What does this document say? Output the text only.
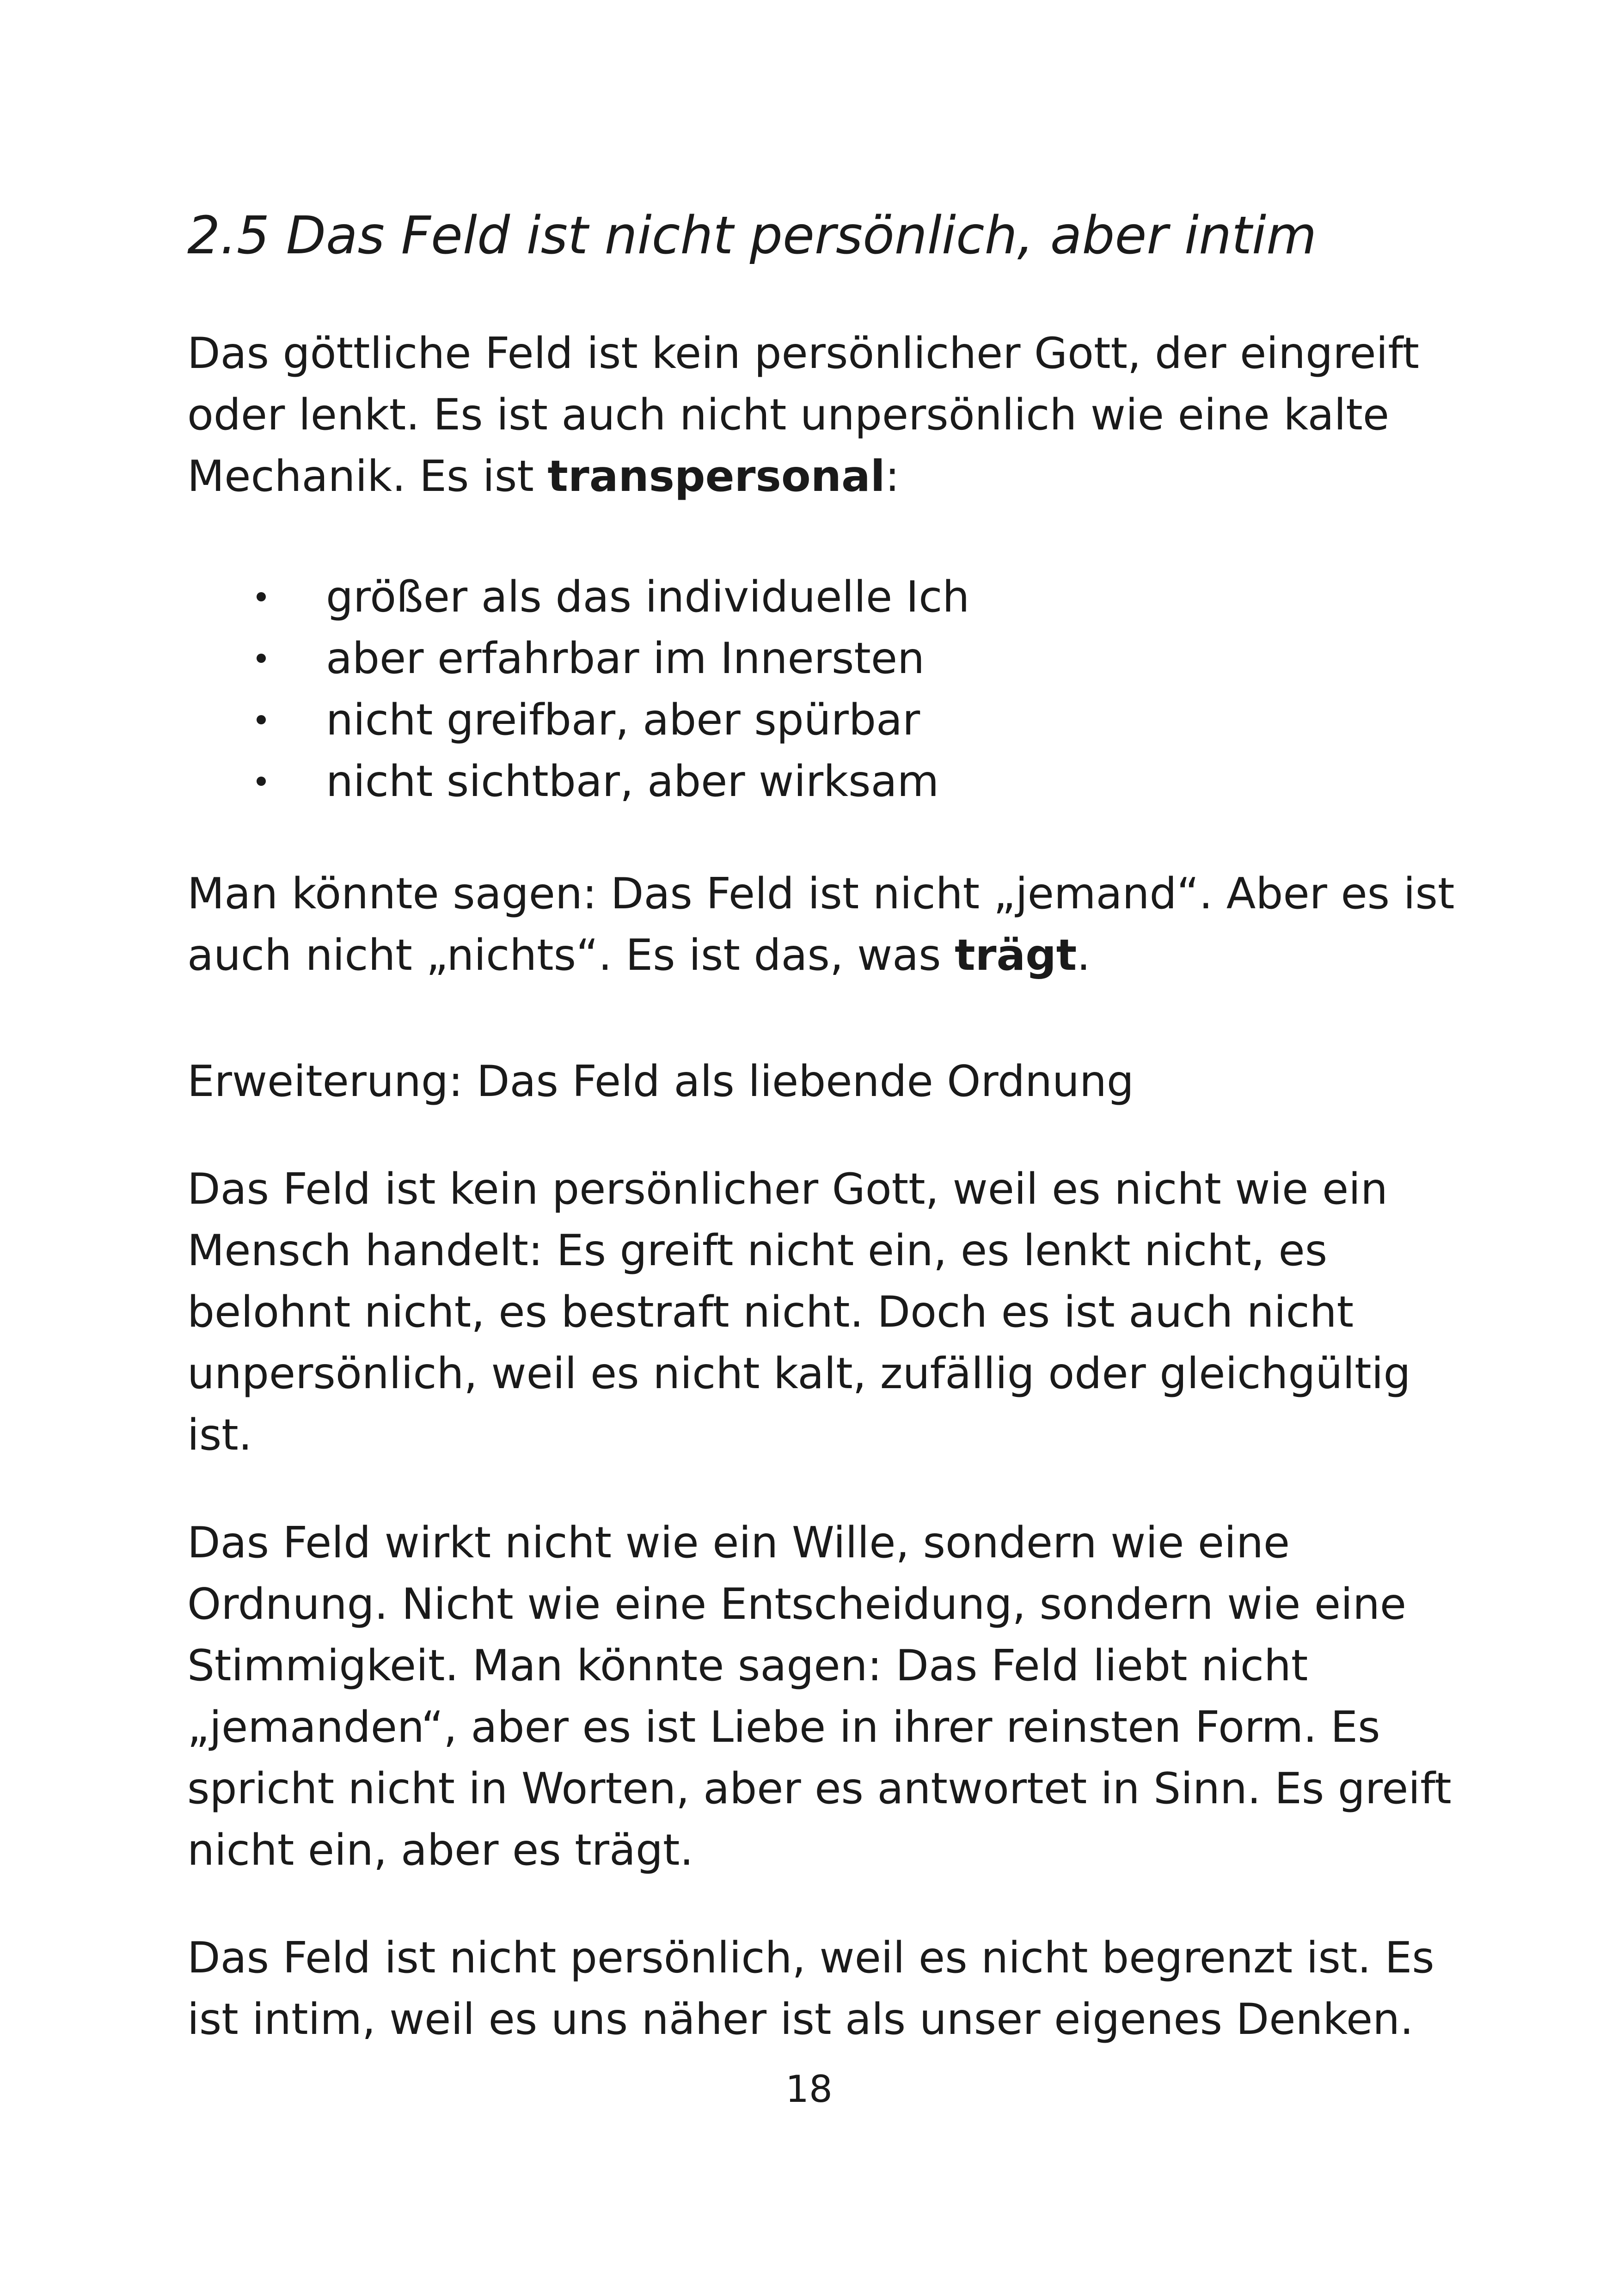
2.5 Das Feld ist nicht persönlich, aber intim

Das göttliche Feld ist kein persönlicher Gott, der eingreift oder lenkt. Es ist auch nicht unpersönlich wie eine kalte Mechanik. Es ist transpersonal:

größer als das individuelle Ich
aber erfahrbar im Innersten
nicht greifbar, aber spürbar
nicht sichtbar, aber wirksam

Man könnte sagen: Das Feld ist nicht „jemand“. Aber es ist auch nicht „nichts“. Es ist das, was trägt.

Erweiterung: Das Feld als liebende Ordnung

Das Feld ist kein persönlicher Gott, weil es nicht wie ein Mensch handelt: Es greift nicht ein, es lenkt nicht, es belohnt nicht, es bestraft nicht. Doch es ist auch nicht unpersönlich, weil es nicht kalt, zufällig oder gleichgültig ist.

Das Feld wirkt nicht wie ein Wille, sondern wie eine Ordnung. Nicht wie eine Entscheidung, sondern wie eine Stimmigkeit. Man könnte sagen: Das Feld liebt nicht „jemanden“, aber es ist Liebe in ihrer reinsten Form. Es spricht nicht in Worten, aber es antwortet in Sinn. Es greift nicht ein, aber es trägt.

Das Feld ist nicht persönlich, weil es nicht begrenzt ist. Es ist intim, weil es uns näher ist als unser eigenes Denken.

18
